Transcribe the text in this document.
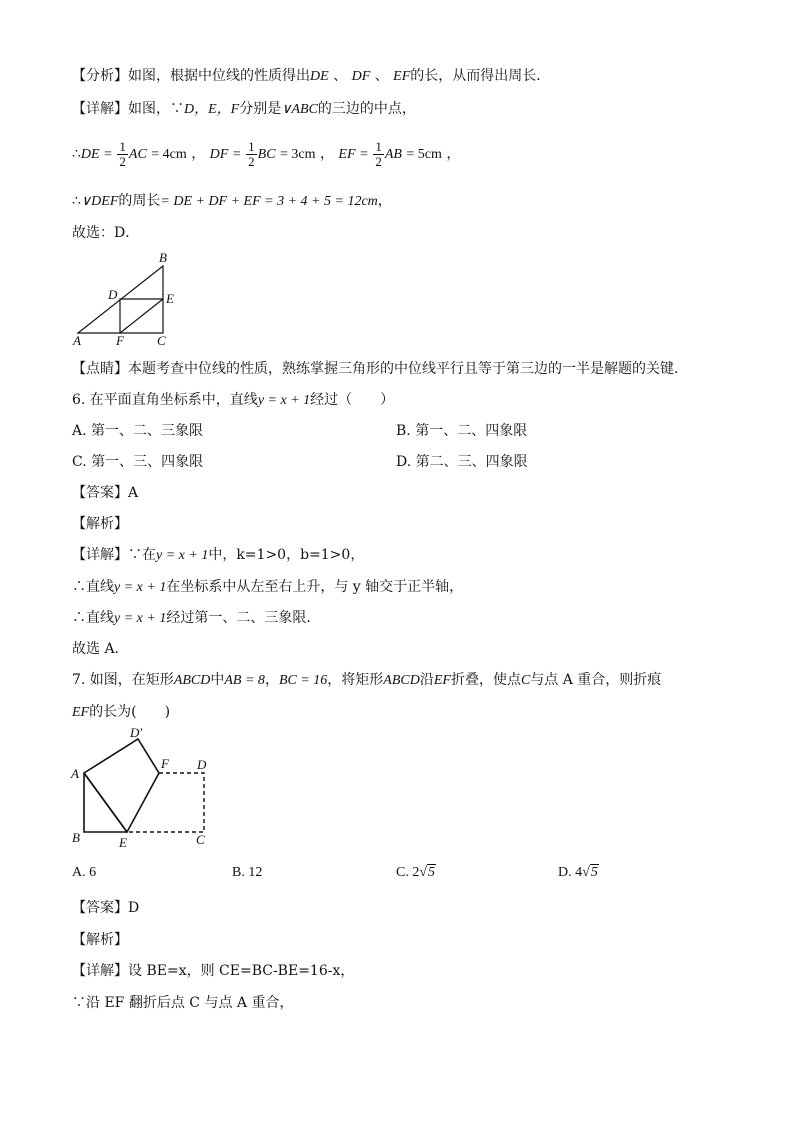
【分析】如图，根据中位线的性质得出DE 、 DF 、 EF的长，从而得出周长．
【详解】如图，∵D，E，F分别是∨ABC的三边的中点，
∴DE = $\frac{1}{2}$ AC = 4cm ， DF = $\frac{1}{2}$ BC = 3cm ， EF = $\frac{1}{2}$ AB = 5cm ，
∴∨DEF的周长= DE + DF + EF = 3 + 4 + 5 = 12cm，
故选：D．
A
B
C
D	E
F
【点睛】本题考查中位线的性质，熟练掌握三角形的中位线平行且等于第三边的一半是解题的关键．
6. 在平面直角坐标系中，直线y = x + 1经过（　　）
A. 第一、二、三象限	B. 第一、二、四象限
C. 第一、三、四象限	D. 第二、三、四象限
【答案】A
【解析】
【详解】∵在y = x + 1中，k=1>0，b=1>0，
∴直线y = x + 1在坐标系中从左至右上升，与 y 轴交于正半轴，
∴直线y = x + 1经过第一、二、三象限.
故选 A.
7. 如图，在矩形ABCD中AB = 8，BC = 16，将矩形ABCD沿EF折叠，使点C与点 A 重合，则折痕
EF的长为(　　)
A
B	C
D
D′
E
F
A. 6	B. 12	C. 2√5	D. 4√5
【答案】D
【解析】
【详解】设 BE=x，则 CE=BC-BE=16-x，
∵沿 EF 翻折后点 C 与点 A 重合，
